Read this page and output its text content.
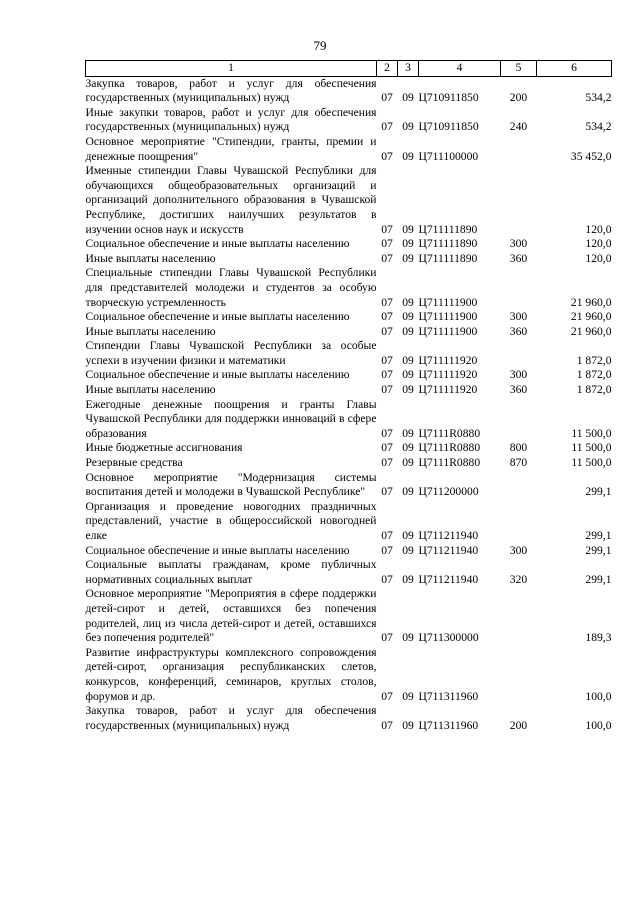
79
1	2	3	4	5	6
Закупка товаров, работ и услуг для обеспечения государственных (муниципальных) нужд	07	09	Ц710911850	200	534,2
Иные закупки товаров, работ и услуг для обеспечения государственных (муниципальных) нужд	07	09	Ц710911850	240	534,2
Основное мероприятие "Стипендии, гранты, премии и денежные поощрения"	07	09	Ц711100000		35 452,0
Именные стипендии Главы Чувашской Республики для обучающихся общеобразовательных организаций и организаций дополнительного образования в Чувашской Республике, достигших наилучших результатов в изучении основ наук и искусств	07	09	Ц711111890		120,0
Социальное обеспечение и иные выплаты населению	07	09	Ц711111890	300	120,0
Иные выплаты населению	07	09	Ц711111890	360	120,0
Специальные стипендии Главы Чувашской Республики для представителей молодежи и студентов за особую творческую устремленность	07	09	Ц711111900		21 960,0
Социальное обеспечение и иные выплаты населению	07	09	Ц711111900	300	21 960,0
Иные выплаты населению	07	09	Ц711111900	360	21 960,0
Стипендии Главы Чувашской Республики за особые успехи в изучении физики и математики	07	09	Ц711111920		1 872,0
Социальное обеспечение и иные выплаты населению	07	09	Ц711111920	300	1 872,0
Иные выплаты населению	07	09	Ц711111920	360	1 872,0
Ежегодные денежные поощрения и гранты Главы Чувашской Республики для поддержки инноваций в сфере образования	07	09	Ц7111R0880		11 500,0
Иные бюджетные ассигнования	07	09	Ц7111R0880	800	11 500,0
Резервные средства	07	09	Ц7111R0880	870	11 500,0
Основное мероприятие "Модернизация системы воспитания детей и молодежи в Чувашской Республике"	07	09	Ц711200000		299,1
Организация и проведение новогодних праздничных представлений, участие в общероссийской новогодней елке	07	09	Ц711211940		299,1
Социальное обеспечение и иные выплаты населению	07	09	Ц711211940	300	299,1
Социальные выплаты гражданам, кроме публичных нормативных социальных выплат	07	09	Ц711211940	320	299,1
Основное мероприятие "Мероприятия в сфере поддержки детей-сирот и детей, оставшихся без попечения родителей, лиц из числа детей-сирот и детей, оставшихся без попечения родителей"	07	09	Ц711300000		189,3
Развитие инфраструктуры комплексного сопровождения детей-сирот, организация республиканских слетов, конкурсов, конференций, семинаров, круглых столов, форумов и др.	07	09	Ц711311960		100,0
Закупка товаров, работ и услуг для обеспечения государственных (муниципальных) нужд	07	09	Ц711311960	200	100,0
